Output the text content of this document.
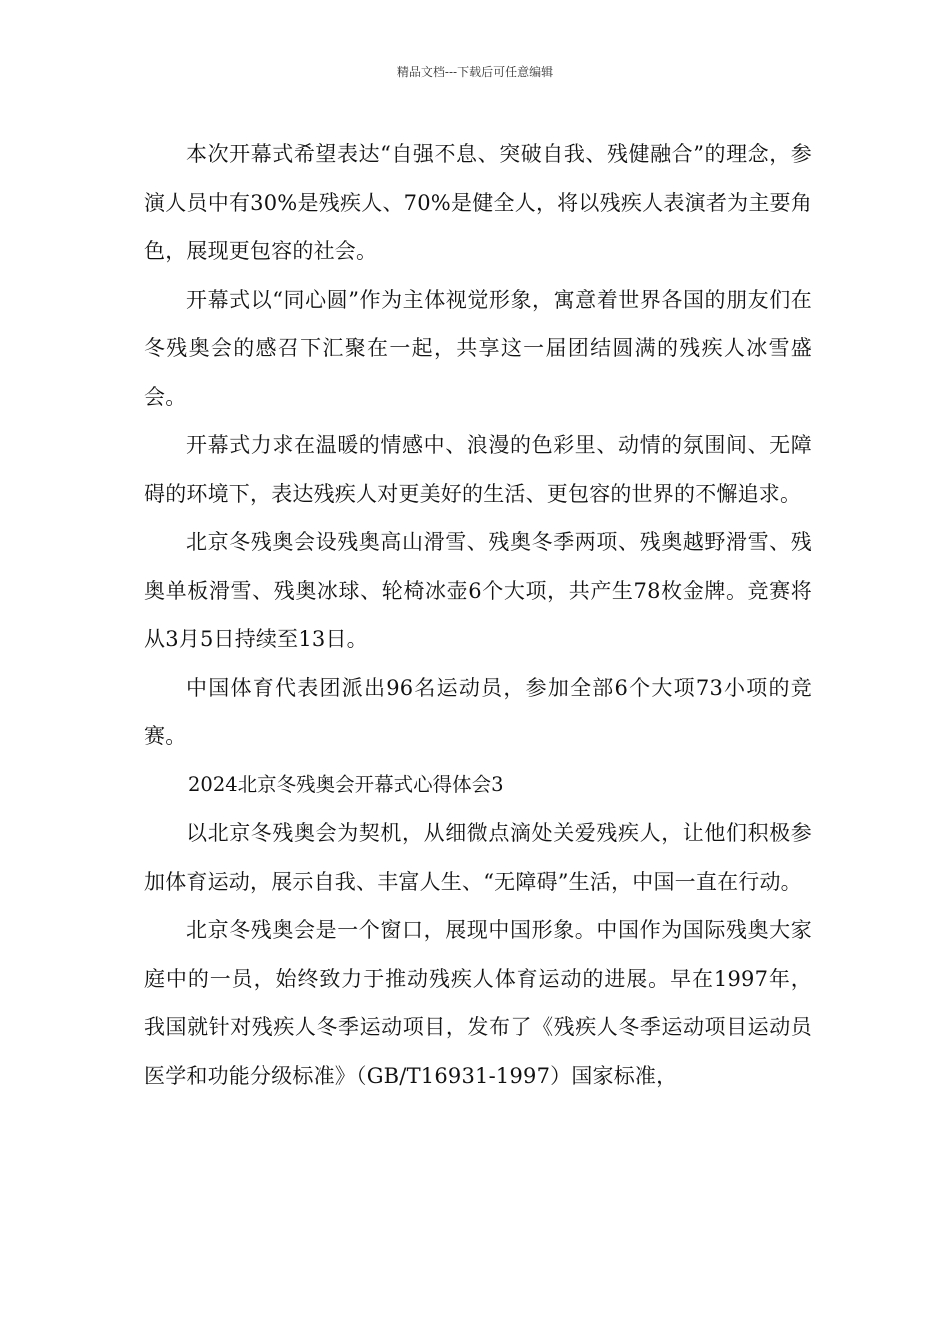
精品文档---下载后可任意编辑

本次开幕式希望表达“自强不息、突破自我、残健融合”的理念，参演人员中有30%是残疾人、70%是健全人，将以残疾人表演者为主要角色，展现更包容的社会。

开幕式以“同心圆”作为主体视觉形象，寓意着世界各国的朋友们在冬残奥会的感召下汇聚在一起，共享这一届团结圆满的残疾人冰雪盛会。

开幕式力求在温暖的情感中、浪漫的色彩里、动情的氛围间、无障碍的环境下，表达残疾人对更美好的生活、更包容的世界的不懈追求。

北京冬残奥会设残奥高山滑雪、残奥冬季两项、残奥越野滑雪、残奥单板滑雪、残奥冰球、轮椅冰壶6个大项，共产生78枚金牌。竞赛将从3月5日持续至13日。

中国体育代表团派出96名运动员，参加全部6个大项73小项的竞赛。

2024北京冬残奥会开幕式心得体会3

以北京冬残奥会为契机，从细微点滴处关爱残疾人，让他们积极参加体育运动，展示自我、丰富人生、“无障碍”生活，中国一直在行动。

北京冬残奥会是一个窗口，展现中国形象。中国作为国际残奥大家庭中的一员，始终致力于推动残疾人体育运动的进展。早在1997年，我国就针对残疾人冬季运动项目，发布了《残疾人冬季运动项目运动员医学和功能分级标准》（GB/T16931-1997）国家标准，
